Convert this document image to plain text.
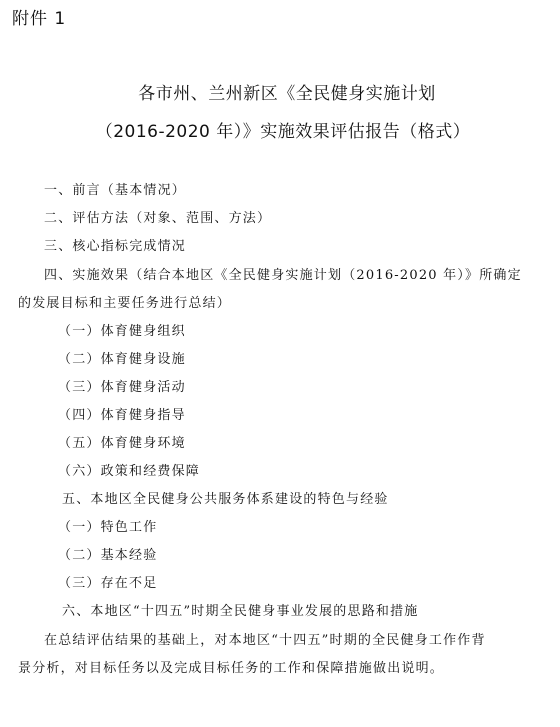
附件 1
各市州、兰州新区《全民健身实施计划
（2016-2020 年）》实施效果评估报告（格式）
一、前言（基本情况）
二、评估方法（对象、范围、方法）
三、核心指标完成情况
四、实施效果（结合本地区《全民健身实施计划（2016-2020 年）》所确定
的发展目标和主要任务进行总结）
（一）体育健身组织
（二）体育健身设施
（三）体育健身活动
（四）体育健身指导
（五）体育健身环境
（六）政策和经费保障
五、本地区全民健身公共服务体系建设的特色与经验
（一）特色工作
（二）基本经验
（三）存在不足
六、本地区“十四五”时期全民健身事业发展的思路和措施
在总结评估结果的基础上，对本地区“十四五”时期的全民健身工作作背
景分析，对目标任务以及完成目标任务的工作和保障措施做出说明。
